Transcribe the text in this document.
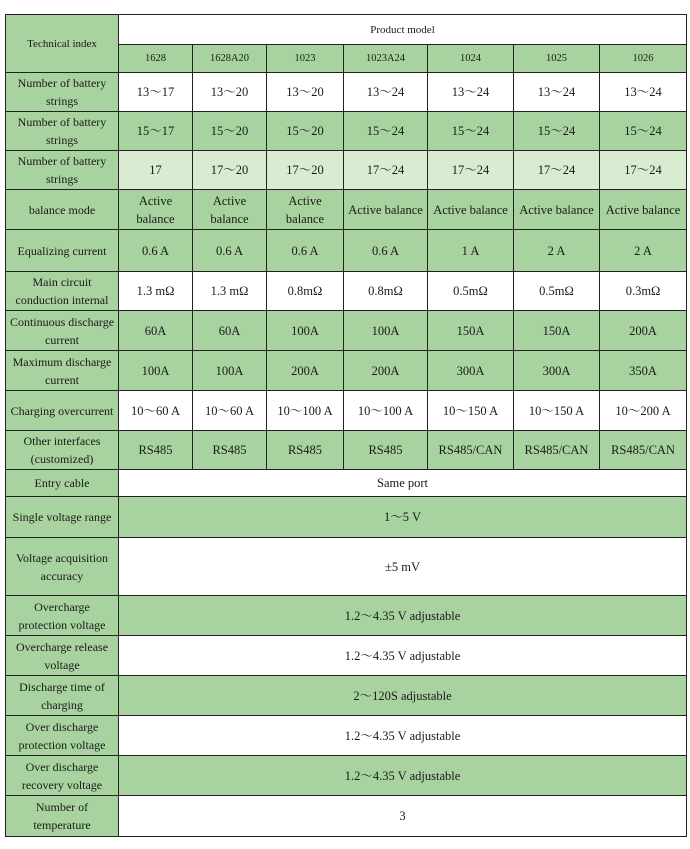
Technical index	Product model						
	1628	1628A20	1023	1023A24	1024	1025	1026
Number of battery strings	13～17	13～20	13～20	13～24	13～24	13～24	13～24
Number of battery strings	15～17	15～20	15～20	15～24	15～24	15～24	15～24
Number of battery strings	17	17～20	17～20	17～24	17～24	17～24	17～24
balance mode	Active balance	Active balance	Active balance	Active balance	Active balance	Active balance	Active balance
Equalizing current	0.6 A	0.6 A	0.6 A	0.6 A	1 A	2 A	2 A
Main circuit conduction internal	1.3 mΩ	1.3 mΩ	0.8mΩ	0.8mΩ	0.5mΩ	0.5mΩ	0.3mΩ
Continuous discharge current	60A	60A	100A	100A	150A	150A	200A
Maximum discharge current	100A	100A	200A	200A	300A	300A	350A
Charging overcurrent	10～60 A	10～60 A	10～100 A	10～100 A	10～150 A	10～150 A	10～200 A
Other interfaces (customized)	RS485	RS485	RS485	RS485	RS485/CAN	RS485/CAN	RS485/CAN
Entry cable	Same port						
Single voltage range	1～5 V						
Voltage acquisition accuracy	±5 mV						
Overcharge protection voltage	1.2～4.35 V adjustable						
Overcharge release voltage	1.2～4.35 V adjustable						
Discharge time of charging	2～120S adjustable						
Over discharge protection voltage	1.2～4.35 V adjustable						
Over discharge recovery voltage	1.2～4.35 V adjustable						
Number of temperature	3						
